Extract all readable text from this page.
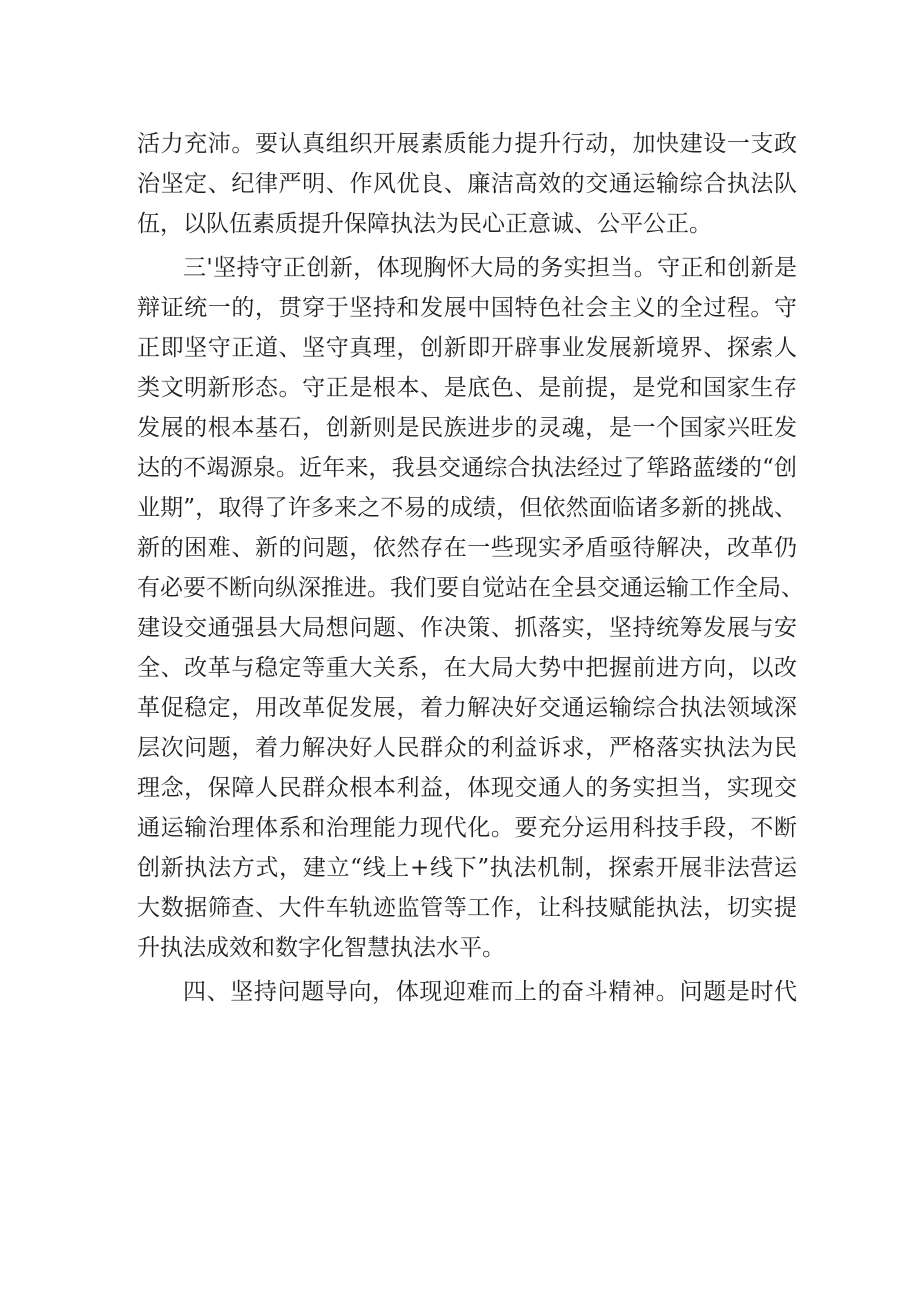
活力充沛。要认真组织开展素质能力提升行动，加快建设一支政
治坚定、纪律严明、作风优良、廉洁高效的交通运输综合执法队
伍，以队伍素质提升保障执法为民心正意诚、公平公正。
三'坚持守正创新，体现胸怀大局的务实担当。守正和创新是
辩证统一的，贯穿于坚持和发展中国特色社会主义的全过程。守
正即坚守正道、坚守真理，创新即开辟事业发展新境界、探索人
类文明新形态。守正是根本、是底色、是前提，是党和国家生存
发展的根本基石，创新则是民族进步的灵魂，是一个国家兴旺发
达的不竭源泉。近年来，我县交通综合执法经过了筚路蓝缕的“创
业期”，取得了许多来之不易的成绩，但依然面临诸多新的挑战、
新的困难、新的问题，依然存在一些现实矛盾亟待解决，改革仍
有必要不断向纵深推进。我们要自觉站在全县交通运输工作全局、
建设交通强县大局想问题、作决策、抓落实，坚持统筹发展与安
全、改革与稳定等重大关系，在大局大势中把握前进方向，以改
革促稳定，用改革促发展，着力解决好交通运输综合执法领域深
层次问题，着力解决好人民群众的利益诉求，严格落实执法为民
理念，保障人民群众根本利益，体现交通人的务实担当，实现交
通运输治理体系和治理能力现代化。要充分运用科技手段，不断
创新执法方式，建立“线上+线下”执法机制，探索开展非法营运
大数据筛查、大件车轨迹监管等工作，让科技赋能执法，切实提
升执法成效和数字化智慧执法水平。
四、坚持问题导向，体现迎难而上的奋斗精神。问题是时代
